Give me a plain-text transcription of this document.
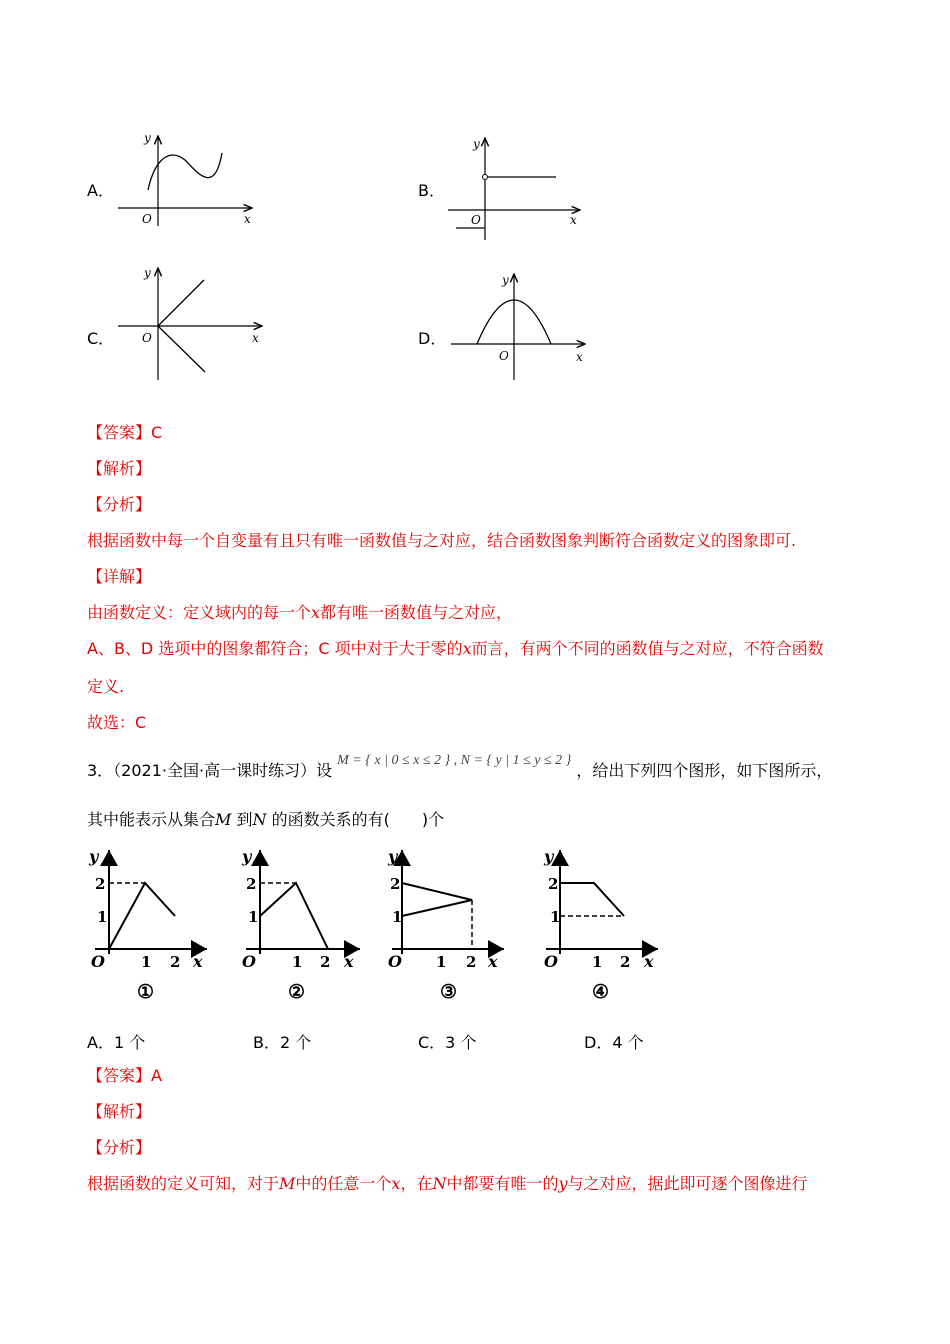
A．
O	x
y
B．
O	x
y
C． O	x
y
D．
O	x
y
【答案】C
【解析】
【分析】
根据函数中每一个自变量有且只有唯一函数值与之对应，结合函数图象判断符合函数定义的图象即可.
【详解】
由函数定义：定义域内的每一个x都有唯一函数值与之对应，
A、B、D 选项中的图象都符合；C 项中对于大于零的x而言，有两个不同的函数值与之对应，不符合函数
定义.
故选：C
3．（2021·全国·高一课时练习）设 M = { x | 0 ≤ x ≤ 2 } , N = { y | 1 ≤ y ≤ 2 } ，给出下列四个图形，如下图所示，
其中能表示从集合M 到N 的函数关系的有(　　)个
y
2
1
O 1 2 x
①
y
2
1
O 1 2 x
②
y
2
1
O 1 2 x
③
y
2
1
O 1 2 x
④
A．1 个	B．2 个	C．3 个	D．4 个
【答案】A
【解析】
【分析】
根据函数的定义可知，对于M中的任意一个x，在N中都要有唯一的y与之对应，据此即可逐个图像进行
